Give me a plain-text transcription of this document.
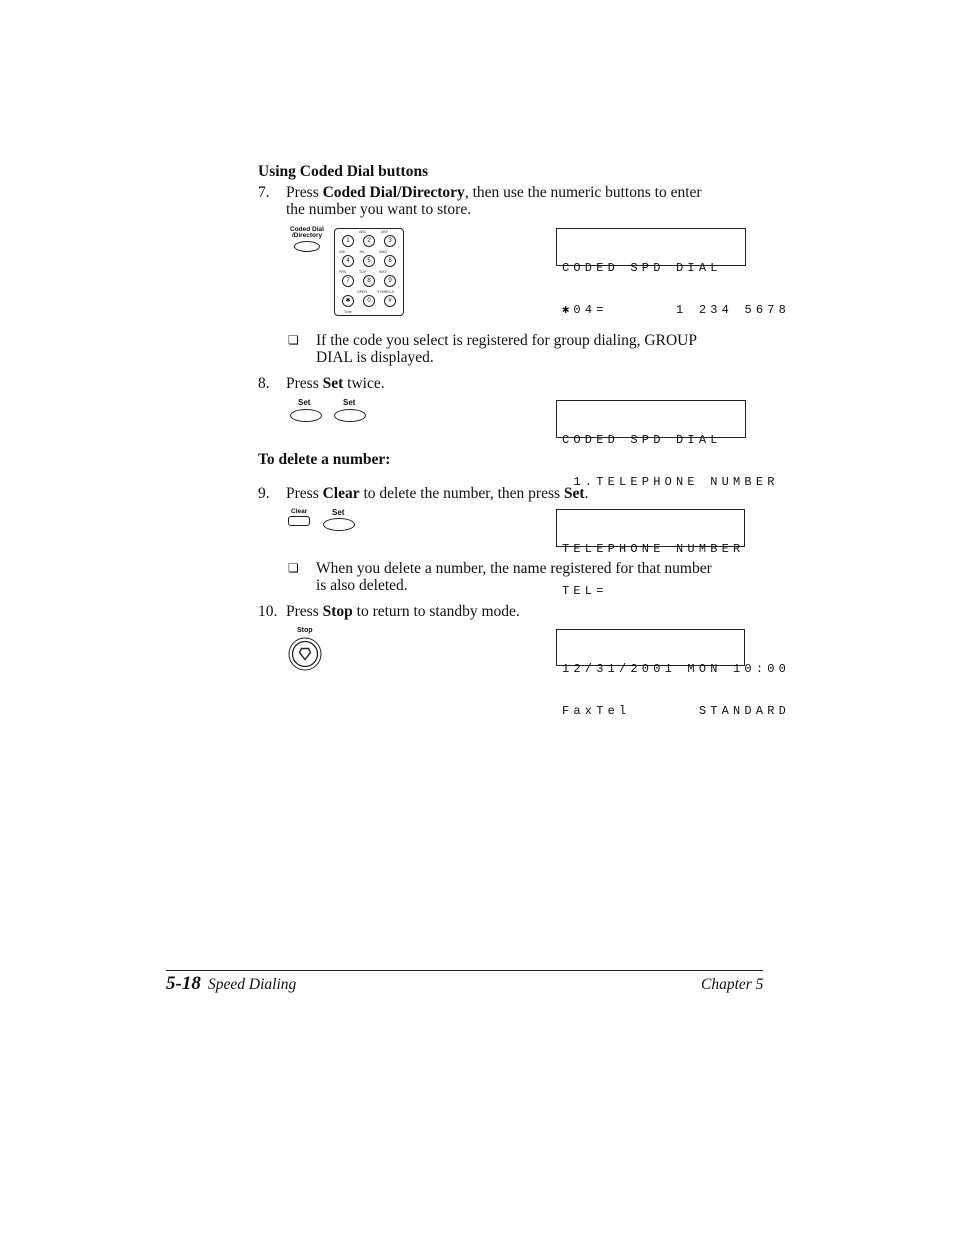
Using Coded Dial buttons
7. Press Coded Dial/Directory, then use the numeric buttons to enter
the number you want to store.
Coded Dial
/Directory	ABC	DEF
1	2	3
GHI	JKL	MNO
4	5	6
PRS	TUV	WXY
7	8	9
OPER	SYMBOLS
✱	0	#
Tone

CODED SPD DIAL

✱04=      1 234 5678

❏ If the code you select is registered for group dialing, GROUP
DIAL is displayed.
8. Press Set twice.
Set	Set

CODED SPD DIAL

1.TELEPHONE NUMBER

To delete a number:
9. Press Clear to delete the number, then press Set.
Clear	Set

TELEPHONE NUMBER

TEL=

❏ When you delete a number, the name registered for that number
is also deleted.
10. Press Stop to return to standby mode.
Stop

12/31/2001 MON 10:00

FaxTel      STANDARD

5-18 Speed Dialing	Chapter 5
